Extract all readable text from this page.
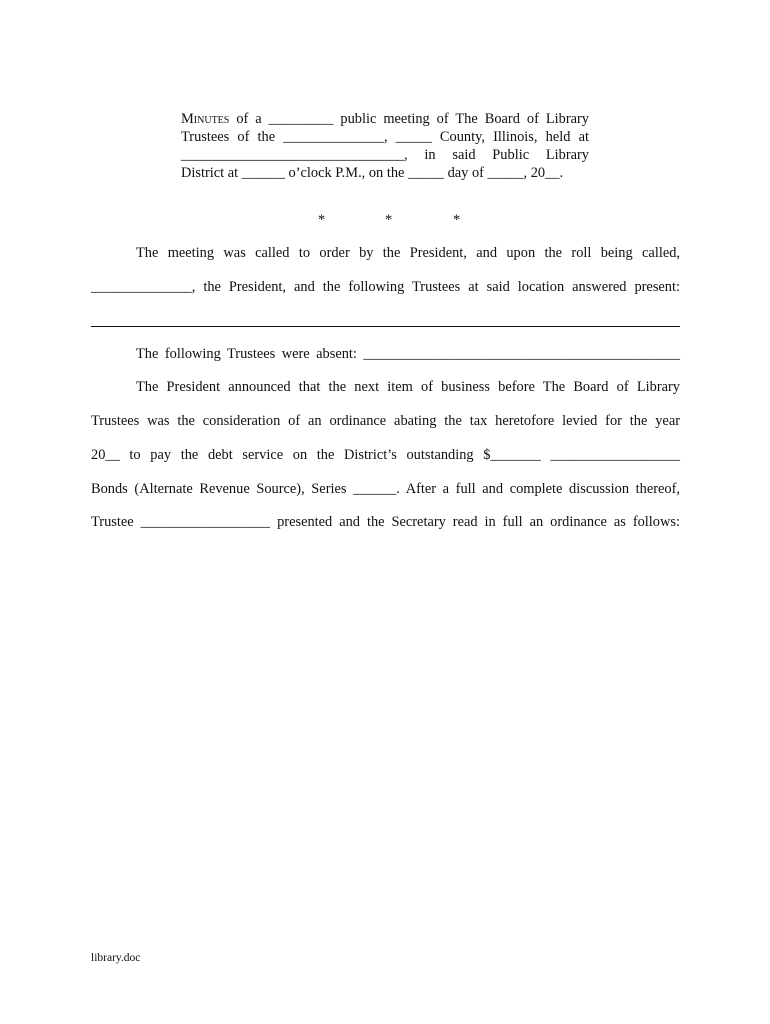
Minutes of a _________ public meeting of The Board of Library
Trustees of the ______________, _____ County, Illinois, held at
_______________________________, in said Public Library
District at ______ o’clock P.M., on the _____ day of _____, 20__.
*	*	*
The meeting was called to order by the President, and upon the roll being called,
______________, the President, and the following Trustees at said location answered present:
The following Trustees were absent: ____________________________________________
The President announced that the next item of business before The Board of Library
Trustees was the consideration of an ordinance abating the tax heretofore levied for the year
20__ to pay the debt service on the District’s outstanding $_______ __________________
Bonds (Alternate Revenue Source), Series ______. After a full and complete discussion thereof,
Trustee __________________ presented and the Secretary read in full an ordinance as follows:
library.doc
